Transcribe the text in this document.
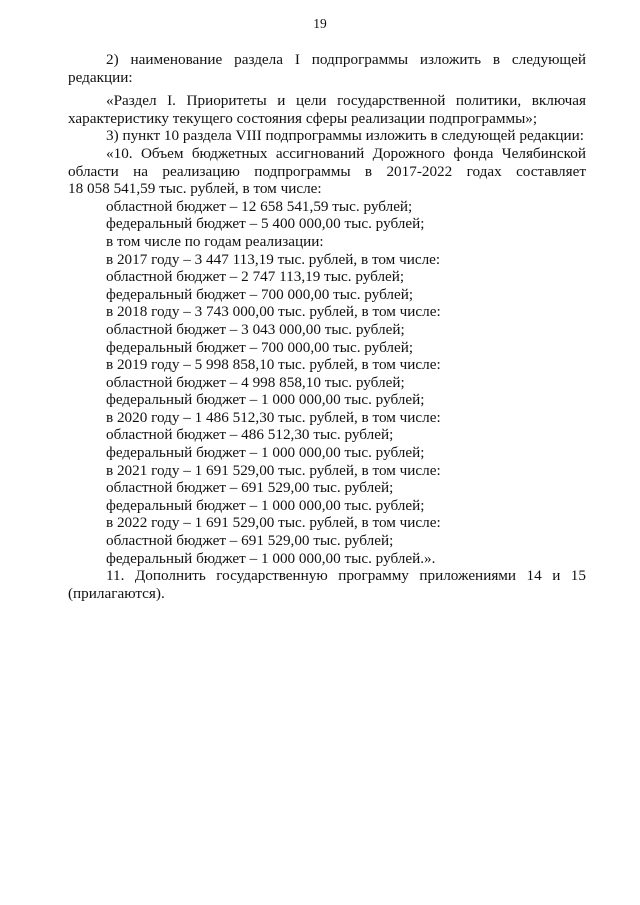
19
2) наименование раздела I подпрограммы изложить в следующей
редакции:
«Раздел I. Приоритеты и цели государственной политики, включая
характеристику текущего состояния сферы реализации подпрограммы»;
3) пункт 10 раздела VIII подпрограммы изложить в следующей редакции:
«10. Объем бюджетных ассигнований Дорожного фонда Челябинской
области на реализацию подпрограммы в 2017-2022 годах составляет
18 058 541,59 тыс. рублей, в том числе:
областной бюджет – 12 658 541,59 тыс. рублей;
федеральный бюджет – 5 400 000,00 тыс. рублей;
в том числе по годам реализации:
в 2017 году – 3 447 113,19 тыс. рублей, в том числе:
областной бюджет – 2 747 113,19 тыс. рублей;
федеральный бюджет – 700 000,00 тыс. рублей;
в 2018 году – 3 743 000,00 тыс. рублей, в том числе:
областной бюджет – 3 043 000,00 тыс. рублей;
федеральный бюджет – 700 000,00 тыс. рублей;
в 2019 году – 5 998 858,10 тыс. рублей, в том числе:
областной бюджет – 4 998 858,10 тыс. рублей;
федеральный бюджет – 1 000 000,00 тыс. рублей;
в 2020 году – 1 486 512,30 тыс. рублей, в том числе:
областной бюджет – 486 512,30 тыс. рублей;
федеральный бюджет – 1 000 000,00 тыс. рублей;
в 2021 году – 1 691 529,00 тыс. рублей, в том числе:
областной бюджет – 691 529,00 тыс. рублей;
федеральный бюджет – 1 000 000,00 тыс. рублей;
в 2022 году – 1 691 529,00 тыс. рублей, в том числе:
областной бюджет – 691 529,00 тыс. рублей;
федеральный бюджет – 1 000 000,00 тыс. рублей.».
11. Дополнить государственную программу приложениями 14 и 15
(прилагаются).
